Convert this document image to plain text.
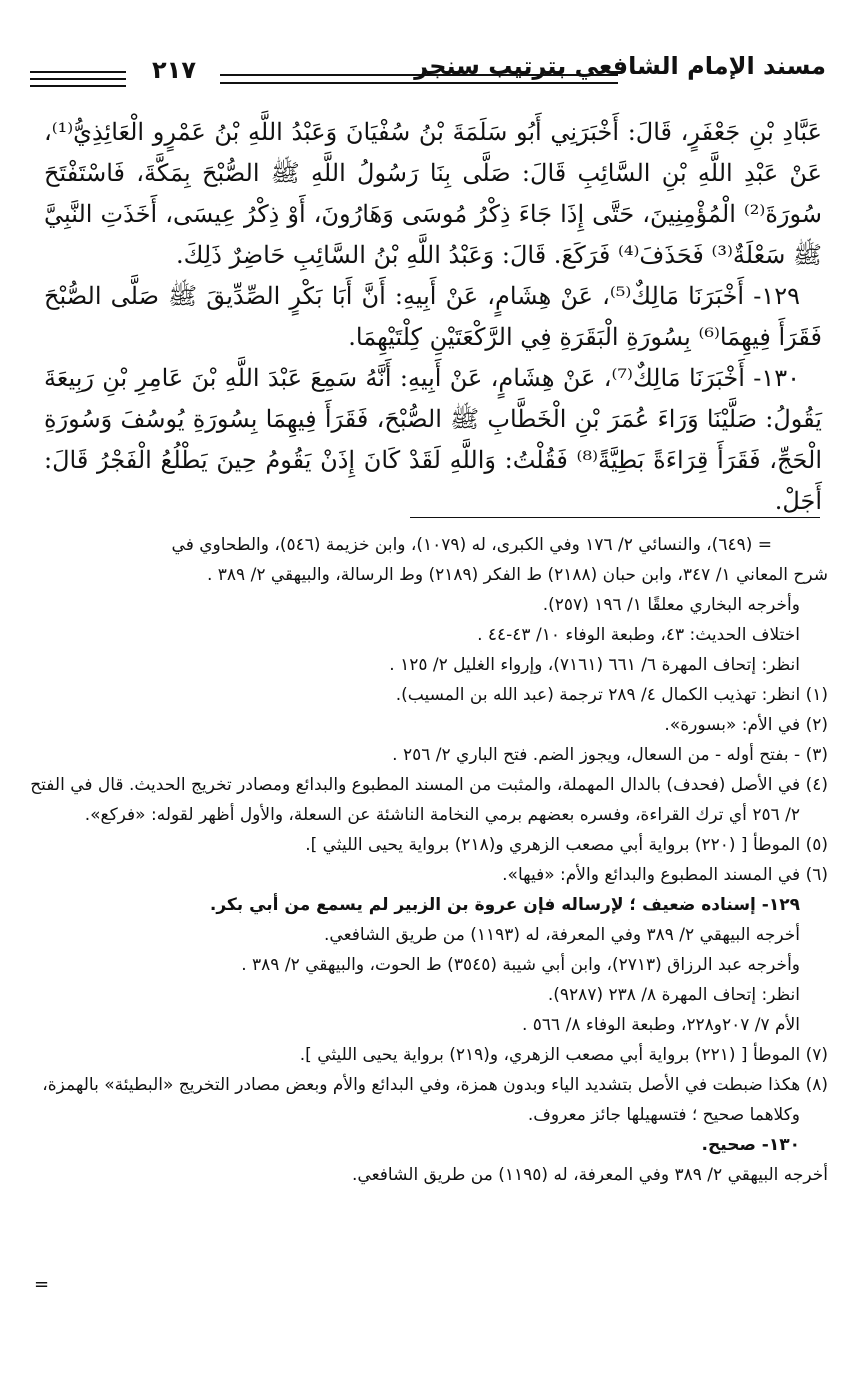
مسند الإمام الشافعي بترتيب سنجر
٢١٧

عَبَّادِ بْنِ جَعْفَرٍ، قَالَ: أَخْبَرَنِي أَبُو سَلَمَةَ بْنُ سُفْيَانَ وَعَبْدُ اللَّهِ بْنُ عَمْرٍو الْعَائِذِيُّ⁽¹⁾، عَنْ عَبْدِ اللَّهِ بْنِ السَّائِبِ قَالَ: صَلَّى بِنَا رَسُولُ اللَّهِ ﷺ الصُّبْحَ بِمَكَّةَ، فَاسْتَفْتَحَ سُورَةَ⁽²⁾ الْمُؤْمِنِينَ، حَتَّى إِذَا جَاءَ ذِكْرُ مُوسَى وَهَارُونَ، أَوْ ذِكْرُ عِيسَى، أَخَذَتِ النَّبِيَّ ﷺ سَعْلَةٌ⁽³⁾ فَحَذَفَ⁽⁴⁾ فَرَكَعَ. قَالَ: وَعَبْدُ اللَّهِ بْنُ السَّائِبِ حَاضِرٌ ذَلِكَ.

١٢٩- أَخْبَرَنَا مَالِكٌ⁽⁵⁾، عَنْ هِشَامٍ، عَنْ أَبِيهِ: أَنَّ أَبَا بَكْرٍ الصِّدِّيقَ ﷺ صَلَّى الصُّبْحَ فَقَرَأَ فِيهِمَا⁽⁶⁾ بِسُورَةِ الْبَقَرَةِ فِي الرَّكْعَتَيْنِ كِلْتَيْهِمَا.

١٣٠- أَخْبَرَنَا مَالِكٌ⁽⁷⁾، عَنْ هِشَامٍ، عَنْ أَبِيهِ: أَنَّهُ سَمِعَ عَبْدَ اللَّهِ بْنَ عَامِرِ بْنِ رَبِيعَةَ يَقُولُ: صَلَّيْنَا وَرَاءَ عُمَرَ بْنِ الْخَطَّابِ ﷺ الصُّبْحَ، فَقَرَأَ فِيهِمَا بِسُورَةِ يُوسُفَ وَسُورَةِ الْحَجِّ، فَقَرَأَ قِرَاءَةً بَطِيَّةً⁽⁸⁾ فَقُلْتُ: وَاللَّهِ لَقَدْ كَانَ إِذَنْ يَقُومُ حِينَ يَطْلُعُ الْفَجْرُ قَالَ: أَجَلْ.

= (٦٤٩)، والنسائي ٢/ ١٧٦ وفي الكبرى، له (١٠٧٩)، وابن خزيمة (٥٤٦)، والطحاوي في

شرح المعاني ١/ ٣٤٧، وابن حبان (٢١٨٨) ط الفكر (٢١٨٩) وط الرسالة، والبيهقي ٢/ ٣٨٩ .

وأخرجه البخاري معلقًا ١/ ١٩٦ (٢٥٧).

اختلاف الحديث: ٤٣، وطبعة الوفاء ١٠/ ٤٣-٤٤ .

انظر: إتحاف المهرة ٦/ ٦٦١ (٧١٦١)، وإرواء الغليل ٢/ ١٢٥ .

(١) انظر: تهذيب الكمال ٤/ ٢٨٩ ترجمة (عبد الله بن المسيب).

(٢) في الأم: «بسورة».

(٣) - بفتح أوله - من السعال، ويجوز الضم. فتح الباري ٢/ ٢٥٦ .

(٤) في الأصل (فحدف) بالدال المهملة، والمثبت من المسند المطبوع والبدائع ومصادر تخريج الحديث. قال في الفتح ٢/ ٢٥٦ أي ترك القراءة، وفسره بعضهم برمي النخامة الناشئة عن السعلة، والأول أظهر لقوله: «فركع».

(٥) الموطأ [ (٢٢٠) برواية أبي مصعب الزهري و(٢١٨) برواية يحيى الليثي ].

(٦) في المسند المطبوع والبدائع والأم: «فيها».

١٢٩- إسناده ضعيف ؛ لإرساله فإن عروة بن الزبير لم يسمع من أبي بكر.

أخرجه البيهقي ٢/ ٣٨٩ وفي المعرفة، له (١١٩٣) من طريق الشافعي.

وأخرجه عبد الرزاق (٢٧١٣)، وابن أبي شيبة (٣٥٤٥) ط الحوت، والبيهقي ٢/ ٣٨٩ .

انظر: إتحاف المهرة ٨/ ٢٣٨ (٩٢٨٧).

الأم ٧/ ٢٠٧و٢٢٨، وطبعة الوفاء ٨/ ٥٦٦ .

(٧) الموطأ [ (٢٢١) برواية أبي مصعب الزهري، و(٢١٩) برواية يحيى الليثي ].

(٨) هكذا ضبطت في الأصل بتشديد الياء وبدون همزة، وفي البدائع والأم وبعض مصادر التخريج «البطيئة» بالهمزة، وكلاهما صحيح ؛ فتسهيلها جائز معروف.

١٣٠- صحيح.

أخرجه البيهقي ٢/ ٣٨٩ وفي المعرفة، له (١١٩٥) من طريق الشافعي.

=
